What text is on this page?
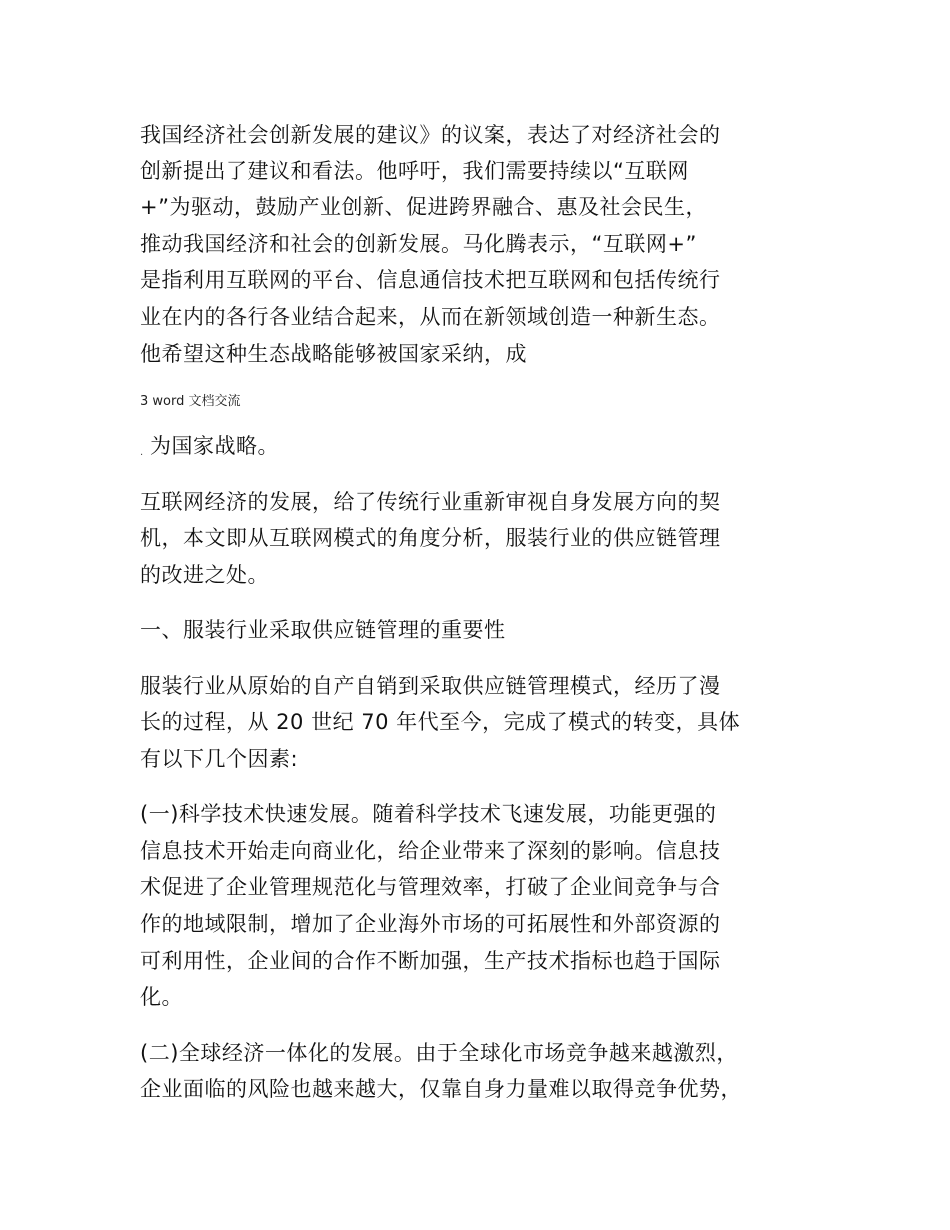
我国经济社会创新发展的建议》的议案，表达了对经济社会的
创新提出了建议和看法。他呼吁，我们需要持续以“互联网
+”为驱动，鼓励产业创新、促进跨界融合、惠及社会民生，
推动我国经济和社会的创新发展。马化腾表示，“互联网+”
是指利用互联网的平台、信息通信技术把互联网和包括传统行
业在内的各行各业结合起来，从而在新领域创造一种新生态。
他希望这种生态战略能够被国家采纳，成
3 word 文档交流
. 为国家战略。
互联网经济的发展，给了传统行业重新审视自身发展方向的契
机，本文即从互联网模式的角度分析，服装行业的供应链管理
的改进之处。
一、服装行业采取供应链管理的重要性
服装行业从原始的自产自销到采取供应链管理模式，经历了漫
长的过程，从 20 世纪 70 年代至今，完成了模式的转变，具体
有以下几个因素:
(一)科学技术快速发展。随着科学技术飞速发展，功能更强的
信息技术开始走向商业化，给企业带来了深刻的影响。信息技
术促进了企业管理规范化与管理效率，打破了企业间竞争与合
作的地域限制，增加了企业海外市场的可拓展性和外部资源的
可利用性，企业间的合作不断加强，生产技术指标也趋于国际
化。
(二)全球经济一体化的发展。由于全球化市场竞争越来越激烈，
企业面临的风险也越来越大，仅靠自身力量难以取得竞争优势，
